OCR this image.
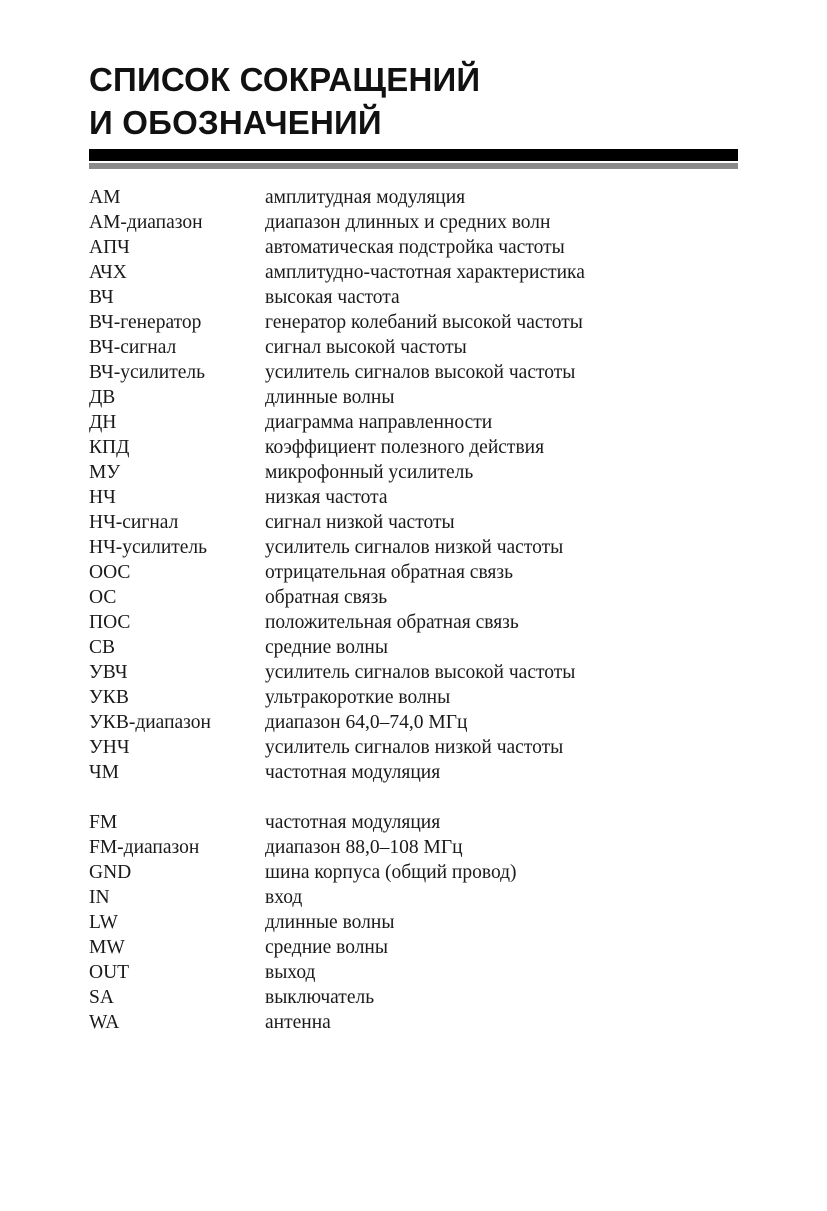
СПИСОК СОКРАЩЕНИЙ
И ОБОЗНАЧЕНИЙ
АМ	амплитудная модуляция
АМ-диапазон	диапазон длинных и средних волн
АПЧ	автоматическая подстройка частоты
АЧХ	амплитудно-частотная характеристика
ВЧ	высокая частота
ВЧ-генератор	генератор колебаний высокой частоты
ВЧ-сигнал	сигнал высокой частоты
ВЧ-усилитель	усилитель сигналов высокой частоты
ДВ	длинные волны
ДН	диаграмма направленности
КПД	коэффициент полезного действия
МУ	микрофонный усилитель
НЧ	низкая частота
НЧ-сигнал	сигнал низкой частоты
НЧ-усилитель	усилитель сигналов низкой частоты
ООС	отрицательная обратная связь
ОС	обратная связь
ПОС	положительная обратная связь
СВ	средние волны
УВЧ	усилитель сигналов высокой частоты
УКВ	ультракороткие волны
УКВ-диапазон	диапазон 64,0–74,0 МГц
УНЧ	усилитель сигналов низкой частоты
ЧМ	частотная модуляция
FM	частотная модуляция
FM-диапазон	диапазон 88,0–108 МГц
GND	шина корпуса (общий провод)
IN	вход
LW	длинные волны
MW	средние волны
OUT	выход
SA	выключатель
WA	антенна
